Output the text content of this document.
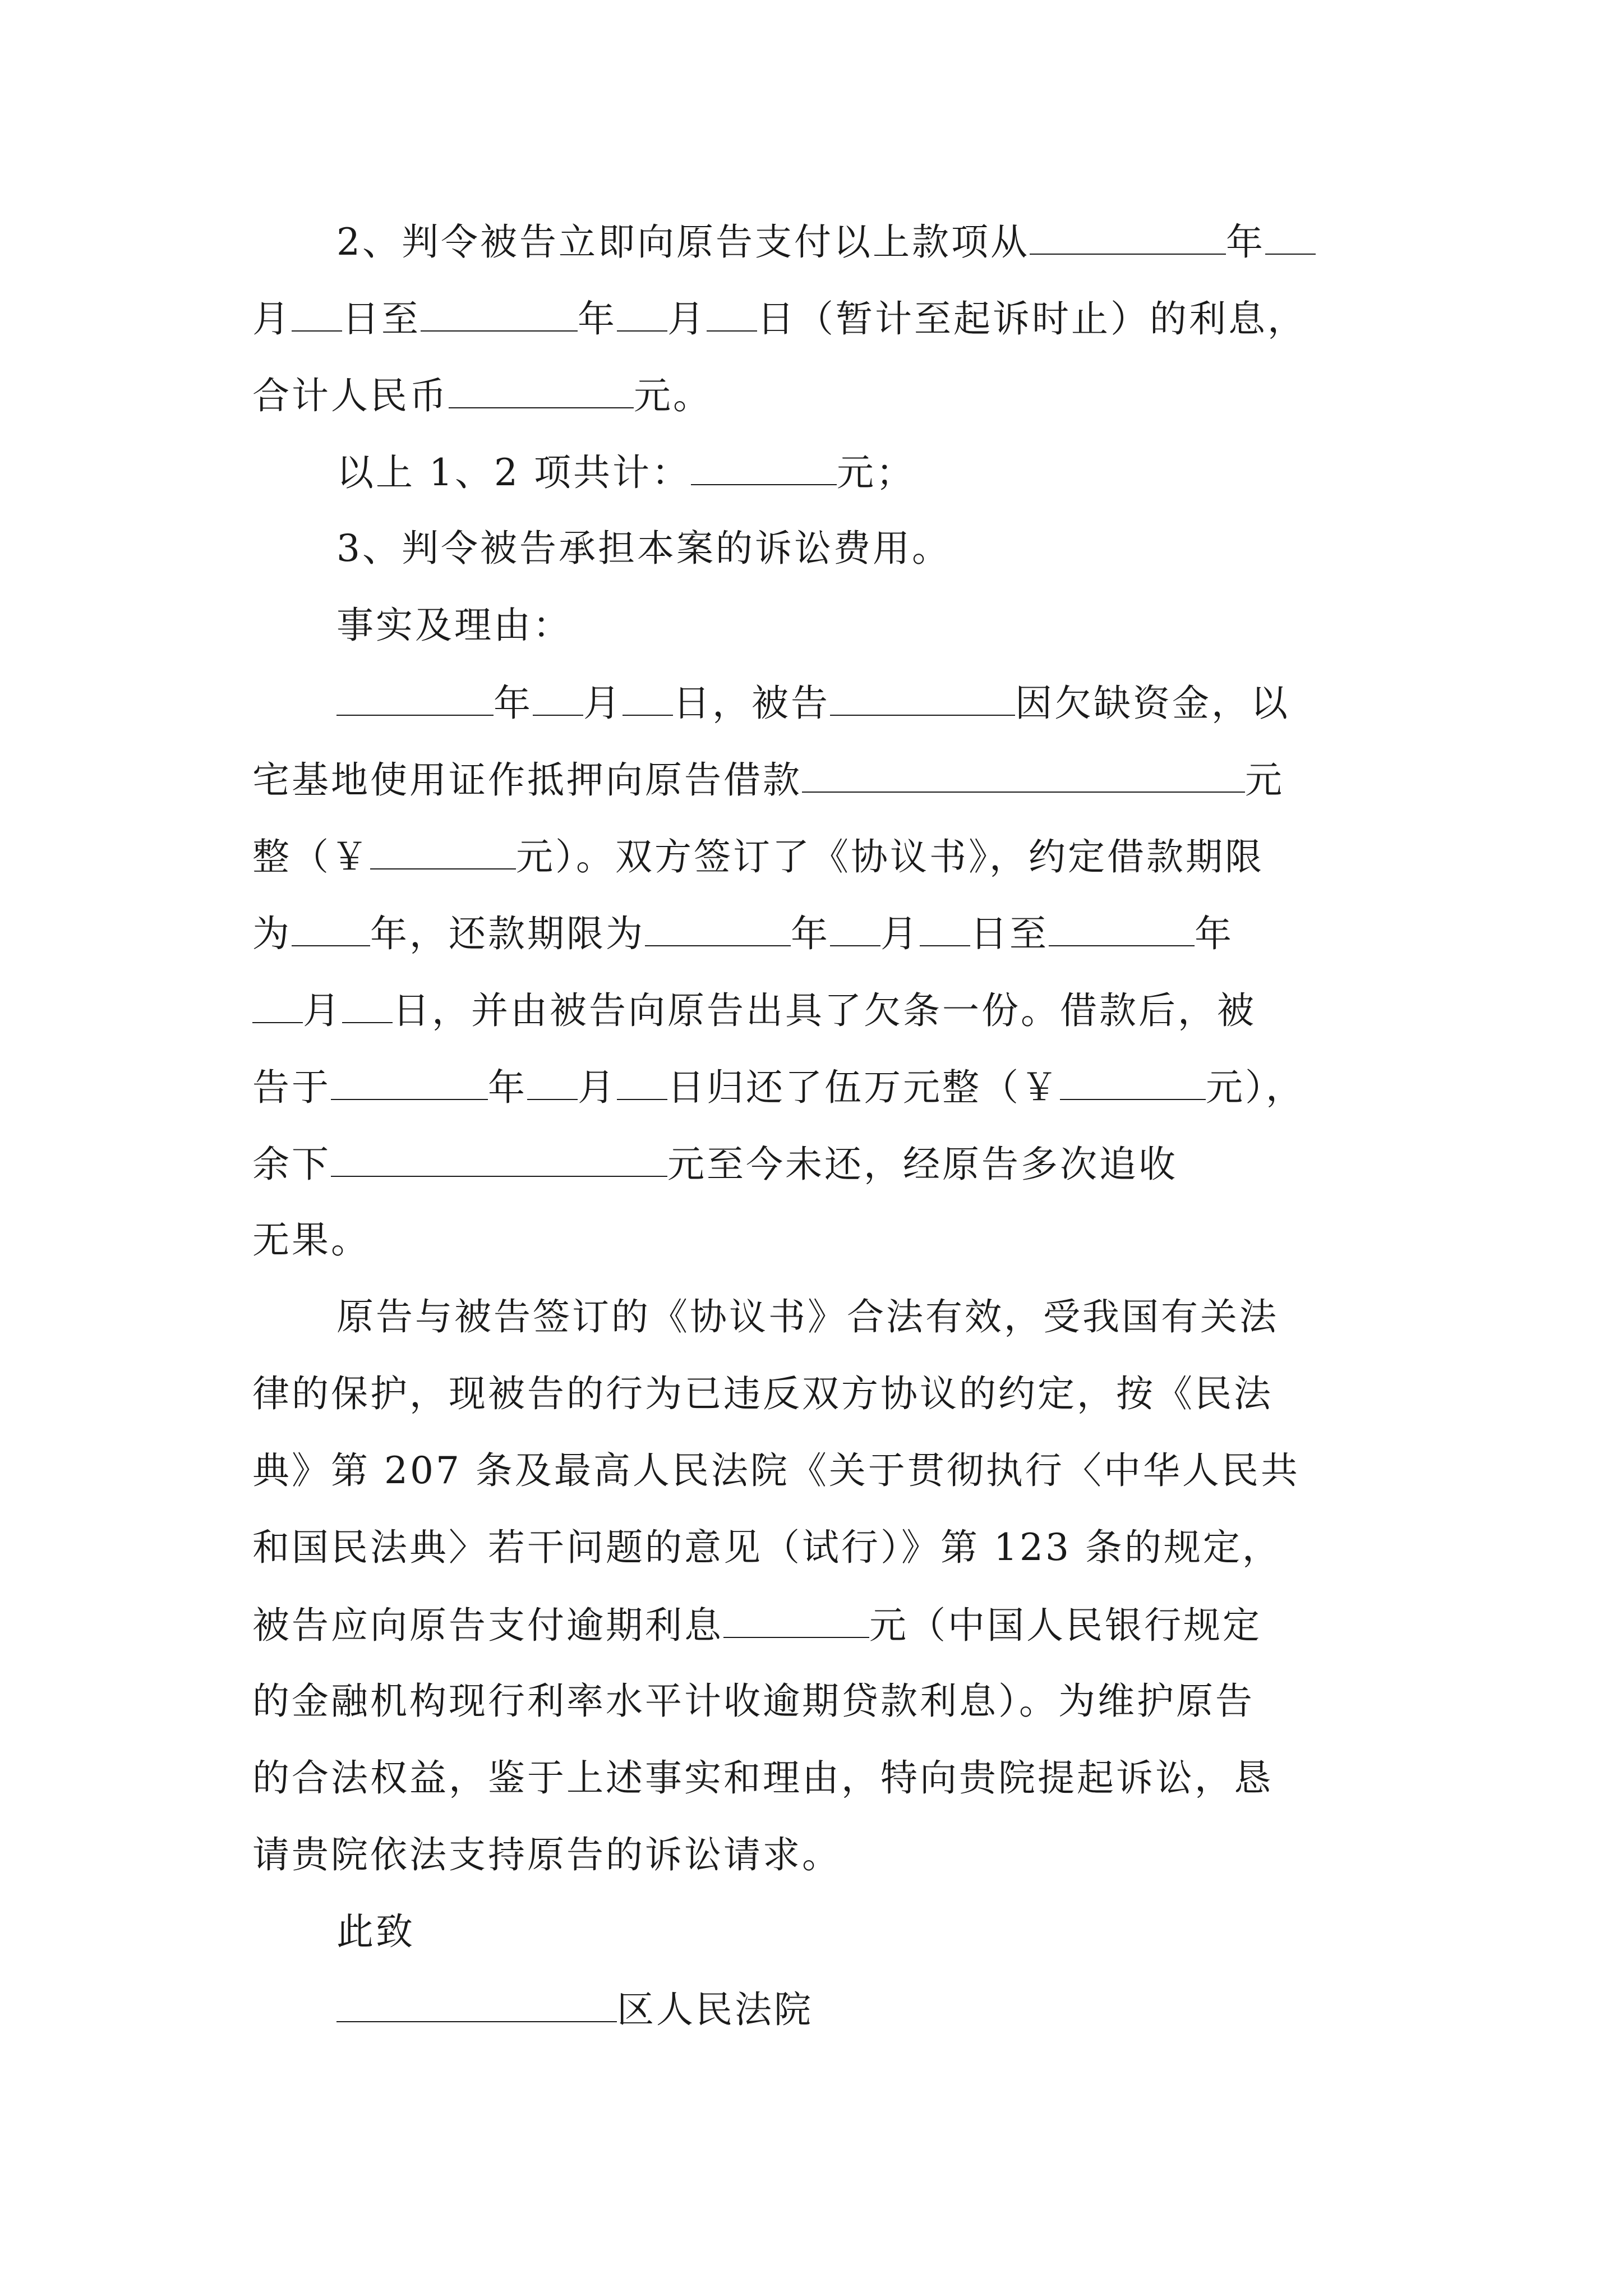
2、判令被告立即向原告支付以上款项从	年
月 日至	年 月 日（暂计至起诉时止）的利息，
合计人民币	元。
以上 1、2 项共计：	元；
3、判令被告承担本案的诉讼费用。
事实及理由：
年 月 日，被告	因欠缺资金，以
宅基地使用证作抵押向原告借款	元
整（￥	元）。双方签订了《协议书》，约定借款期限
为 年，还款期限为	年 月 日至	年
月 日，并由被告向原告出具了欠条一份。借款后，被
告于	年 月 日归还了伍万元整（￥	元），
余下	元至今未还，经原告多次追收
无果。
原告与被告签订的《协议书》合法有效，受我国有关法
律的保护，现被告的行为已违反双方协议的约定，按《民法
典》第 207 条及最高人民法院《关于贯彻执行〈中华人民共
和国民法典〉若干问题的意见（试行）》第 123 条的规定，
被告应向原告支付逾期利息	元（中国人民银行规定
的金融机构现行利率水平计收逾期贷款利息）。为维护原告
的合法权益，鉴于上述事实和理由，特向贵院提起诉讼，恳
请贵院依法支持原告的诉讼请求。
此致
区人民法院
